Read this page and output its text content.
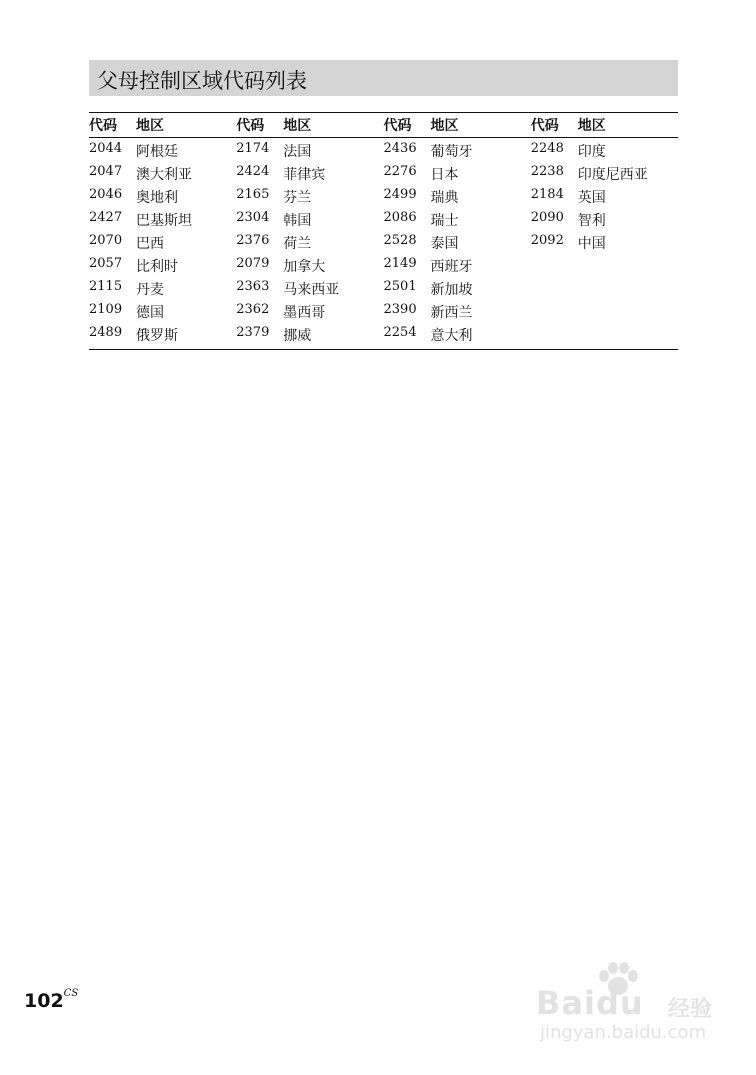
父母控制区域代码列表
代码	地区	代码	地区	代码	地区	代码	地区
2044 阿根廷	2174 法国	2436 葡萄牙	2248 印度
2047 澳大利亚	2424 菲律宾	2276 日本	2238 印度尼西亚
2046 奥地利	2165 芬兰	2499 瑞典	2184 英国
2427 巴基斯坦	2304 韩国	2086 瑞士	2090 智利
2070 巴西	2376 荷兰	2528 泰国	2092 中国
2057 比利时	2079 加拿大	2149 西班牙
2115 丹麦	2363 马来西亚	2501 新加坡
2109 德国	2362 墨西哥	2390 新西兰
2489 俄罗斯	2379 挪威	2254 意大利
$102^{CS}$	Baidu 经验
jingyan.baidu.com
